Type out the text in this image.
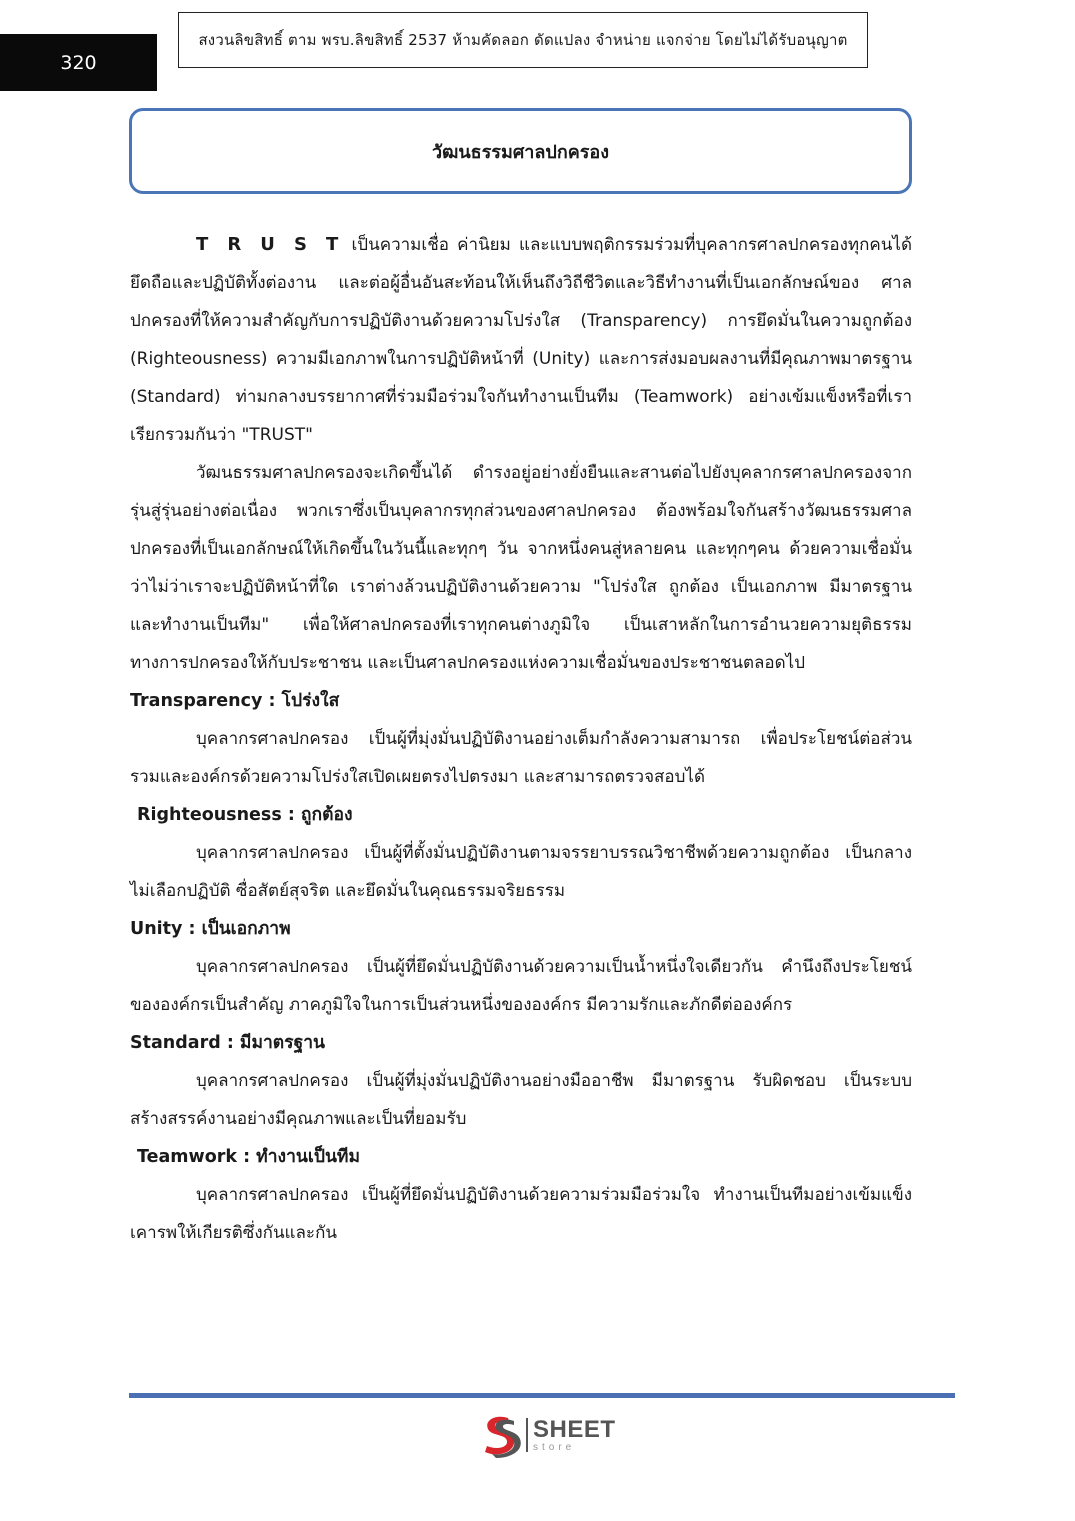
320
สงวนลิขสิทธิ์ ตาม พรบ.ลิขสิทธิ์ 2537 ห้ามคัดลอก ดัดแปลง จำหน่าย แจกจ่าย โดยไม่ได้รับอนุญาต
วัฒนธรรมศาลปกครอง

T R U S T เป็นความเชื่อ ค่านิยม และแบบพฤติกรรมร่วมที่บุคลากรศาลปกครองทุกคนได้ยึดถือและปฏิบัติทั้งต่องาน และต่อผู้อื่นอันสะท้อนให้เห็นถึงวิถีชีวิตและวิธีทำงานที่เป็นเอกลักษณ์ของ ศาลปกครองที่ให้ความสำคัญกับการปฏิบัติงานด้วยความโปร่งใส (Transparency) การยึดมั่นในความถูกต้อง (Righteousness) ความมีเอกภาพในการปฏิบัติหน้าที่ (Unity) และการส่งมอบผลงานที่มีคุณภาพมาตรฐาน (Standard) ท่ามกลางบรรยากาศที่ร่วมมือร่วมใจกันทำงานเป็นทีม (Teamwork) อย่างเข้มแข็งหรือที่เราเรียกรวมกันว่า "TRUST"

วัฒนธรรมศาลปกครองจะเกิดขึ้นได้ ดำรงอยู่อย่างยั่งยืนและสานต่อไปยังบุคลากรศาลปกครองจากรุ่นสู่รุ่นอย่างต่อเนื่อง พวกเราซึ่งเป็นบุคลากรทุกส่วนของศาลปกครอง ต้องพร้อมใจกันสร้างวัฒนธรรมศาลปกครองที่เป็นเอกลักษณ์ให้เกิดขึ้นในวันนี้และทุกๆ วัน จากหนึ่งคนสู่หลายคน และทุกๆคน ด้วยความเชื่อมั่นว่าไม่ว่าเราจะปฏิบัติหน้าที่ใด เราต่างล้วนปฏิบัติงานด้วยความ "โปร่งใส ถูกต้อง เป็นเอกภาพ มีมาตรฐาน และทำงานเป็นทีม" เพื่อให้ศาลปกครองที่เราทุกคนต่างภูมิใจ เป็นเสาหลักในการอำนวยความยุติธรรมทางการปกครองให้กับประชาชน และเป็นศาลปกครองแห่งความเชื่อมั่นของประชาชนตลอดไป

Transparency : โปร่งใส

บุคลากรศาลปกครอง เป็นผู้ที่มุ่งมั่นปฏิบัติงานอย่างเต็มกำลังความสามารถ เพื่อประโยชน์ต่อส่วนรวมและองค์กรด้วยความโปร่งใสเปิดเผยตรงไปตรงมา และสามารถตรวจสอบได้

Righteousness : ถูกต้อง

บุคลากรศาลปกครอง เป็นผู้ที่ตั้งมั่นปฏิบัติงานตามจรรยาบรรณวิชาชีพด้วยความถูกต้อง เป็นกลาง ไม่เลือกปฏิบัติ ซื่อสัตย์สุจริต และยึดมั่นในคุณธรรมจริยธรรม

Unity : เป็นเอกภาพ

บุคลากรศาลปกครอง เป็นผู้ที่ยึดมั่นปฏิบัติงานด้วยความเป็นน้ำหนึ่งใจเดียวกัน คำนึงถึงประโยชน์ขององค์กรเป็นสำคัญ ภาคภูมิใจในการเป็นส่วนหนึ่งขององค์กร มีความรักและภักดีต่อองค์กร

Standard : มีมาตรฐาน

บุคลากรศาลปกครอง เป็นผู้ที่มุ่งมั่นปฏิบัติงานอย่างมืออาชีพ มีมาตรฐาน รับผิดชอบ เป็นระบบสร้างสรรค์งานอย่างมีคุณภาพและเป็นที่ยอมรับ

Teamwork : ทำงานเป็นทีม

บุคลากรศาลปกครอง เป็นผู้ที่ยึดมั่นปฏิบัติงานด้วยความร่วมมือร่วมใจ ทำงานเป็นทีมอย่างเข้มแข็ง เคารพให้เกียรติซึ่งกันและกัน

SHEET
store
